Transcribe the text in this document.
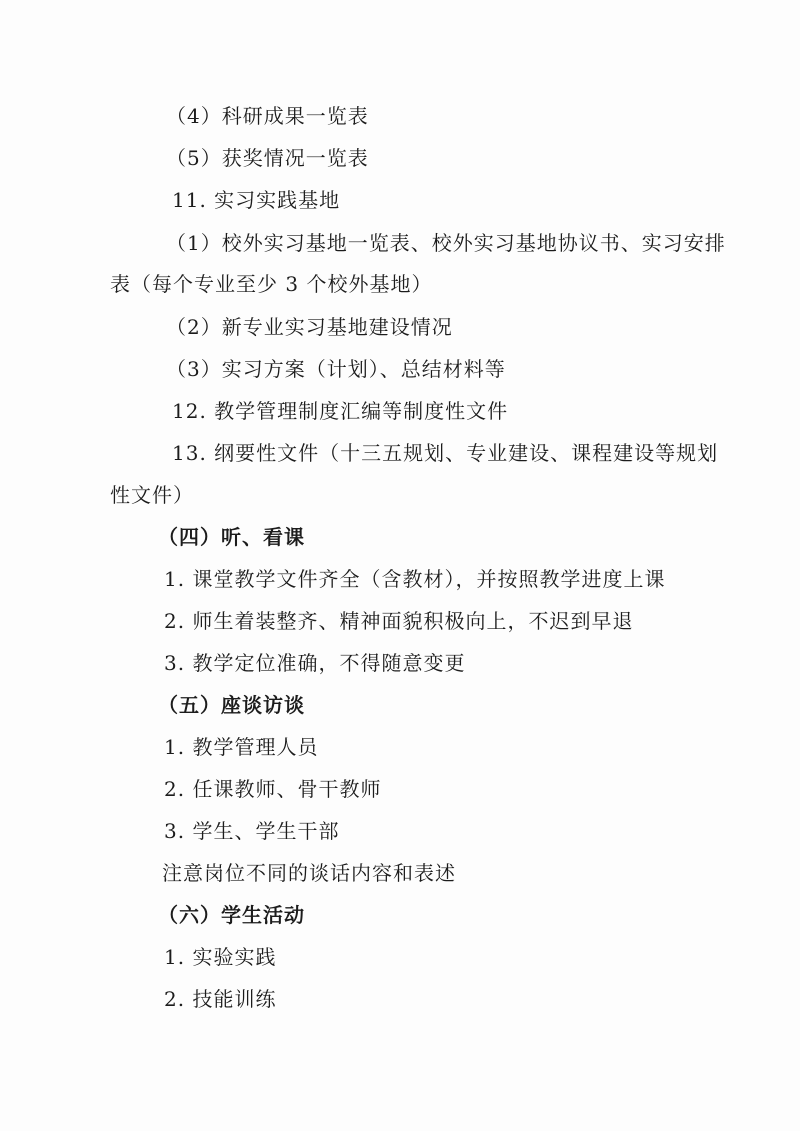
（4）科研成果一览表
（5）获奖情况一览表
11. 实习实践基地
（1）校外实习基地一览表、校外实习基地协议书、实习安排
表（每个专业至少 3 个校外基地）
（2）新专业实习基地建设情况
（3）实习方案（计划）、总结材料等
12. 教学管理制度汇编等制度性文件
13. 纲要性文件（十三五规划、专业建设、课程建设等规划
性文件）
（四）听、看课
1. 课堂教学文件齐全（含教材），并按照教学进度上课
2. 师生着装整齐、精神面貌积极向上，不迟到早退
3. 教学定位准确，不得随意变更
（五）座谈访谈
1. 教学管理人员
2. 任课教师、骨干教师
3. 学生、学生干部
注意岗位不同的谈话内容和表述
（六）学生活动
1. 实验实践
2. 技能训练
